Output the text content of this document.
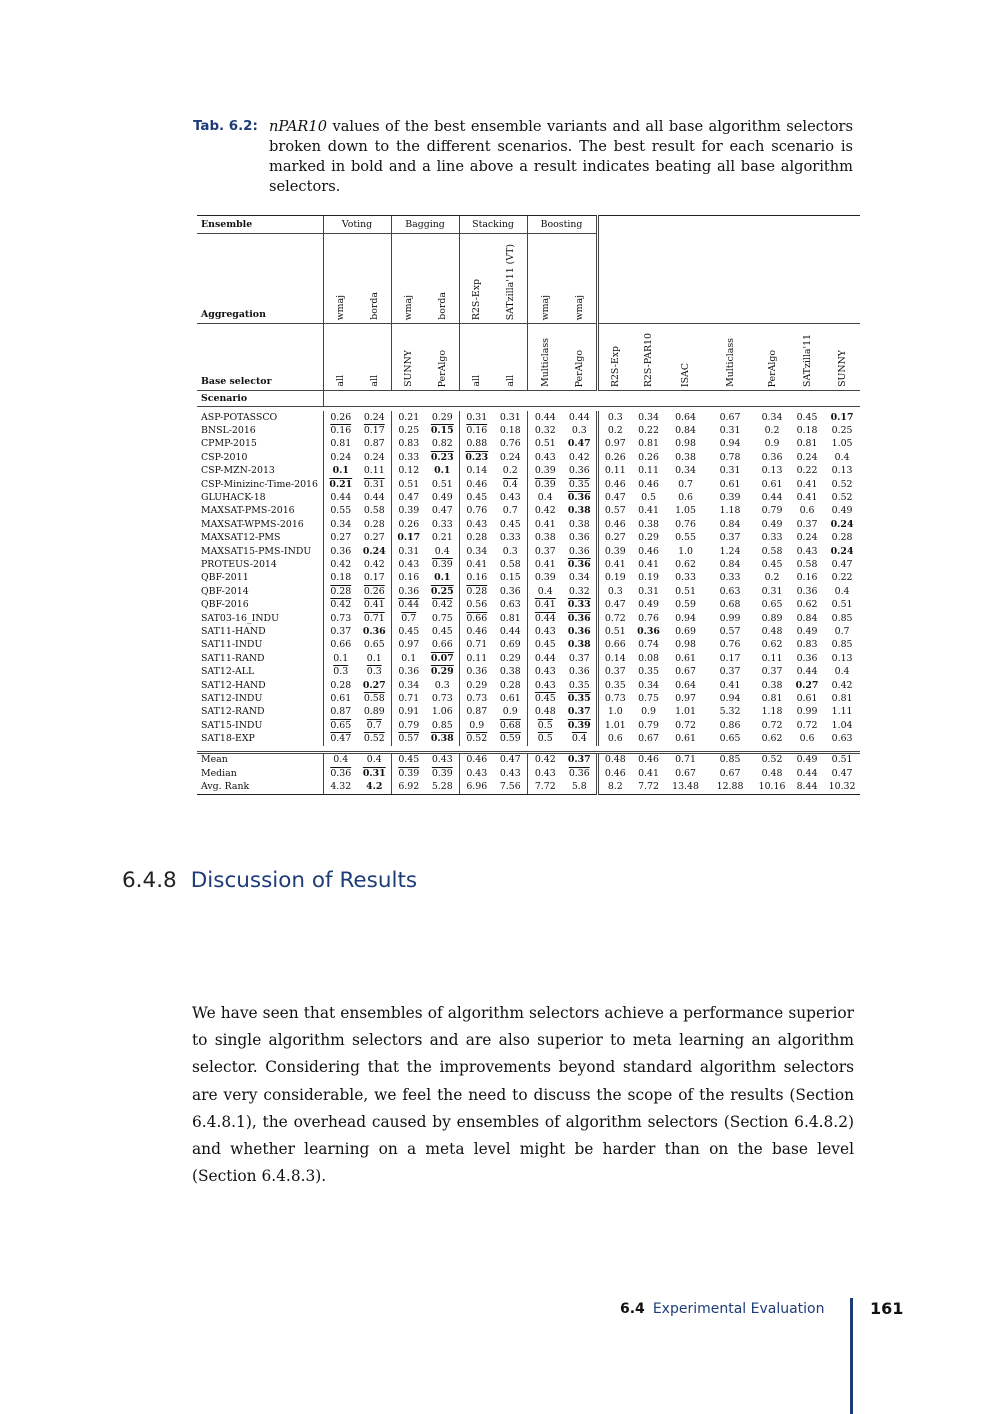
Tab. 6.2: nPAR10 values of the best ensemble variants and all base algorithm selectors broken down to the different scenarios. The best result for each scenario is marked in bold and a line above a result indicates beating all base algorithm selectors.
Ensemble	Voting		Bagging		Stacking		Boosting								
Aggregation	wmaj	borda	wmaj	borda	R2S-Exp	SATzilla'11 (VT)	wmaj	wmaj							
Base selector	all	all	SUNNY	PerAlgo	all	all	Multiclass	PerAlgo	R2S-Exp	R2S-PAR10	ISAC	Multiclass	PerAlgo	SATzilla'11	SUNNY
Scenario															

ASP-POTASSCO	0.26	0.24	0.21	0.29	0.31	0.31	0.44	0.44	0.3	0.34	0.64	0.67	0.34	0.45	0.17
BNSL-2016	0.16	0.17	0.25	0.15	0.16	0.18	0.32	0.3	0.2	0.22	0.84	0.31	0.2	0.18	0.25
CPMP-2015	0.81	0.87	0.83	0.82	0.88	0.76	0.51	0.47	0.97	0.81	0.98	0.94	0.9	0.81	1.05
CSP-2010	0.24	0.24	0.33	0.23	0.23	0.24	0.43	0.42	0.26	0.26	0.38	0.78	0.36	0.24	0.4
CSP-MZN-2013	0.1	0.11	0.12	0.1	0.14	0.2	0.39	0.36	0.11	0.11	0.34	0.31	0.13	0.22	0.13
CSP-Minizinc-Time-2016	0.21	0.31	0.51	0.51	0.46	0.4	0.39	0.35	0.46	0.46	0.7	0.61	0.61	0.41	0.52
GLUHACK-18	0.44	0.44	0.47	0.49	0.45	0.43	0.4	0.36	0.47	0.5	0.6	0.39	0.44	0.41	0.52
MAXSAT-PMS-2016	0.55	0.58	0.39	0.47	0.76	0.7	0.42	0.38	0.57	0.41	1.05	1.18	0.79	0.6	0.49
MAXSAT-WPMS-2016	0.34	0.28	0.26	0.33	0.43	0.45	0.41	0.38	0.46	0.38	0.76	0.84	0.49	0.37	0.24
MAXSAT12-PMS	0.27	0.27	0.17	0.21	0.28	0.33	0.38	0.36	0.27	0.29	0.55	0.37	0.33	0.24	0.28
MAXSAT15-PMS-INDU	0.36	0.24	0.31	0.4	0.34	0.3	0.37	0.36	0.39	0.46	1.0	1.24	0.58	0.43	0.24
PROTEUS-2014	0.42	0.42	0.43	0.39	0.41	0.58	0.41	0.36	0.41	0.41	0.62	0.84	0.45	0.58	0.47
QBF-2011	0.18	0.17	0.16	0.1	0.16	0.15	0.39	0.34	0.19	0.19	0.33	0.33	0.2	0.16	0.22
QBF-2014	0.28	0.26	0.36	0.25	0.28	0.36	0.4	0.32	0.3	0.31	0.51	0.63	0.31	0.36	0.4
QBF-2016	0.42	0.41	0.44	0.42	0.56	0.63	0.41	0.33	0.47	0.49	0.59	0.68	0.65	0.62	0.51
SAT03-16_INDU	0.73	0.71	0.7	0.75	0.66	0.81	0.44	0.36	0.72	0.76	0.94	0.99	0.89	0.84	0.85
SAT11-HAND	0.37	0.36	0.45	0.45	0.46	0.44	0.43	0.36	0.51	0.36	0.69	0.57	0.48	0.49	0.7
SAT11-INDU	0.66	0.65	0.97	0.66	0.71	0.69	0.45	0.38	0.66	0.74	0.98	0.76	0.62	0.83	0.85
SAT11-RAND	0.1	0.1	0.1	0.07	0.11	0.29	0.44	0.37	0.14	0.08	0.61	0.17	0.11	0.36	0.13
SAT12-ALL	0.3	0.3	0.36	0.29	0.36	0.38	0.43	0.36	0.37	0.35	0.67	0.37	0.37	0.44	0.4
SAT12-HAND	0.28	0.27	0.34	0.3	0.29	0.28	0.43	0.35	0.35	0.34	0.64	0.41	0.38	0.27	0.42
SAT12-INDU	0.61	0.58	0.71	0.73	0.73	0.61	0.45	0.35	0.73	0.75	0.97	0.94	0.81	0.61	0.81
SAT12-RAND	0.87	0.89	0.91	1.06	0.87	0.9	0.48	0.37	1.0	0.9	1.01	5.32	1.18	0.99	1.11
SAT15-INDU	0.65	0.7	0.79	0.85	0.9	0.68	0.5	0.39	1.01	0.79	0.72	0.86	0.72	0.72	1.04
SAT18-EXP	0.47	0.52	0.57	0.38	0.52	0.59	0.5	0.4	0.6	0.67	0.61	0.65	0.62	0.6	0.63

Mean	0.4	0.4	0.45	0.43	0.46	0.47	0.42	0.37	0.48	0.46	0.71	0.85	0.52	0.49	0.51
Median	0.36	0.31	0.39	0.39	0.43	0.43	0.43	0.36	0.46	0.41	0.67	0.67	0.48	0.44	0.47
Avg. Rank	4.32	4.2	6.92	5.28	6.96	7.56	7.72	5.8	8.2	7.72	13.48	12.88	10.16	8.44	10.32
6.4.8 Discussion of Results
We have seen that ensembles of algorithm selectors achieve a performance superior to single algorithm selectors and are also superior to meta learning an algorithm selector. Considering that the improvements beyond standard algorithm selectors are very considerable, we feel the need to discuss the scope of the results (Section 6.4.8.1), the overhead caused by ensembles of algorithm selectors (Section 6.4.8.2) and whether learning on a meta level might be harder than on the base level (Section 6.4.8.3).
6.4 Experimental Evaluation	161
